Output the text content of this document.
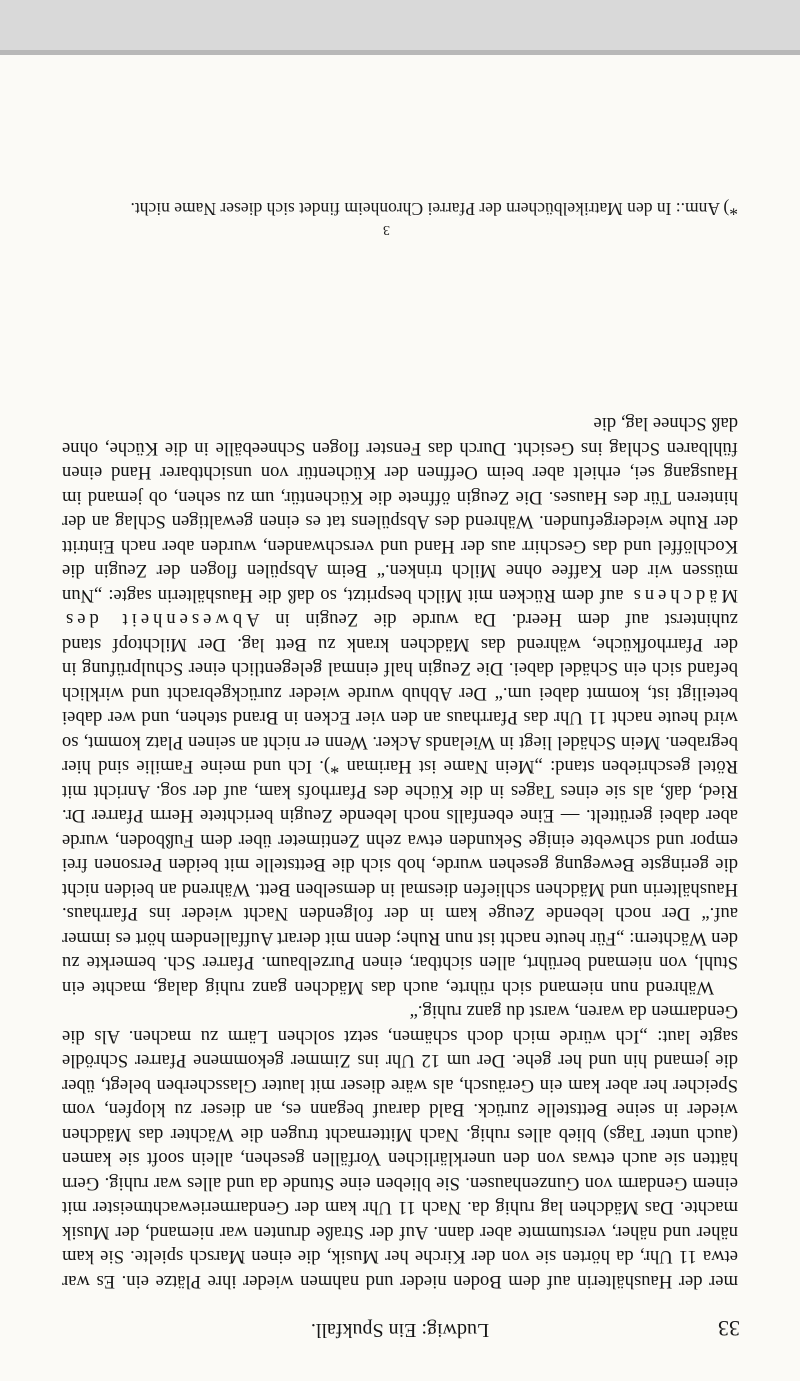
33
Ludwig: Ein Spukfall.

mer der Haushälterin auf dem Boden nieder und nahmen wieder ihre Plätze ein. Es war etwa 11 Uhr, da hörten sie von der Kirche her Musik, die einen Marsch spielte. Sie kam näher und näher, verstummte aber dann. Auf der Straße drunten war niemand, der Musik machte. Das Mädchen lag ruhig da. Nach 11 Uhr kam der Gendarmeriewachtmeister mit einem Gendarm von Gunzenhausen. Sie blieben eine Stunde da und alles war ruhig. Gern hätten sie auch etwas von den unerklärlichen Vorfällen gesehen, allein sooft sie kamen (auch unter Tags) blieb alles ruhig. Nach Mitternacht trugen die Wächter das Mädchen wieder in seine Bettstelle zurück. Bald darauf begann es, an dieser zu klopfen, vom Speicher her aber kam ein Geräusch, als wäre dieser mit lauter Glasscherben belegt, über die jemand hin und her gehe. Der um 12 Uhr ins Zimmer gekommene Pfarrer Schrödle sagte laut: „Ich würde mich doch schämen, setzt solchen Lärm zu machen. Als die Gendarmen da waren, warst du ganz ruhig.“

Während nun niemand sich rührte, auch das Mädchen ganz ruhig dalag, machte ein Stuhl, von niemand berührt, allen sichtbar, einen Purzelbaum. Pfarrer Sch. bemerkte zu den Wächtern: „Für heute nacht ist nun Ruhe; denn mit derart Auffallendem hört es immer auf.“ Der noch lebende Zeuge kam in der folgenden Nacht wieder ins Pfarrhaus. Haushälterin und Mädchen schliefen diesmal in demselben Bett. Während an beiden nicht die geringste Bewegung gesehen wurde, hob sich die Bettstelle mit beiden Personen frei empor und schwebte einige Sekunden etwa zehn Zentimeter über dem Fußboden, wurde aber dabei gerüttelt. — Eine ebenfalls noch lebende Zeugin berichtete Herrn Pfarrer Dr. Ried, daß, als sie eines Tages in die Küche des Pfarrhofs kam, auf der sog. Anricht mit Rötel geschrieben stand: „Mein Name ist Hariman *). Ich und meine Familie sind hier begraben. Mein Schädel liegt in Wielands Acker. Wenn er nicht an seinen Platz kommt, so wird heute nacht 11 Uhr das Pfarrhaus an den vier Ecken in Brand stehen, und wer dabei beteiligt ist, kommt dabei um.“ Der Abhub wurde wieder zurückgebracht und wirklich befand sich ein Schädel dabei. Die Zeugin half einmal gelegentlich einer Schulprüfung in der Pfarrhofküche, während das Mädchen krank zu Bett lag. Der Milchtopf stand zuhinterst auf dem Heerd. Da wurde die Zeugin in Abwesenheit des Mädchens auf dem Rücken mit Milch bespritzt, so daß die Haushälterin sagte: „Nun müssen wir den Kaffee ohne Milch trinken.“ Beim Abspülen flogen der Zeugin die Kochlöffel und das Geschirr aus der Hand und verschwanden, wurden aber nach Eintritt der Ruhe wiedergefunden. Während des Abspülens tat es einen gewaltigen Schlag an der hinteren Tür des Hauses. Die Zeugin öffnete die Küchentür, um zu sehen, ob jemand im Hausgang sei, erhielt aber beim Oeffnen der Küchentür von unsichtbarer Hand einen fühlbaren Schlag ins Gesicht. Durch das Fenster flogen Schneebälle in die Küche, ohne daß Schnee lag, die

*) Anm.: In den Matrikelbüchern der Pfarrei Chronheim findet sich dieser Name nicht.

3
